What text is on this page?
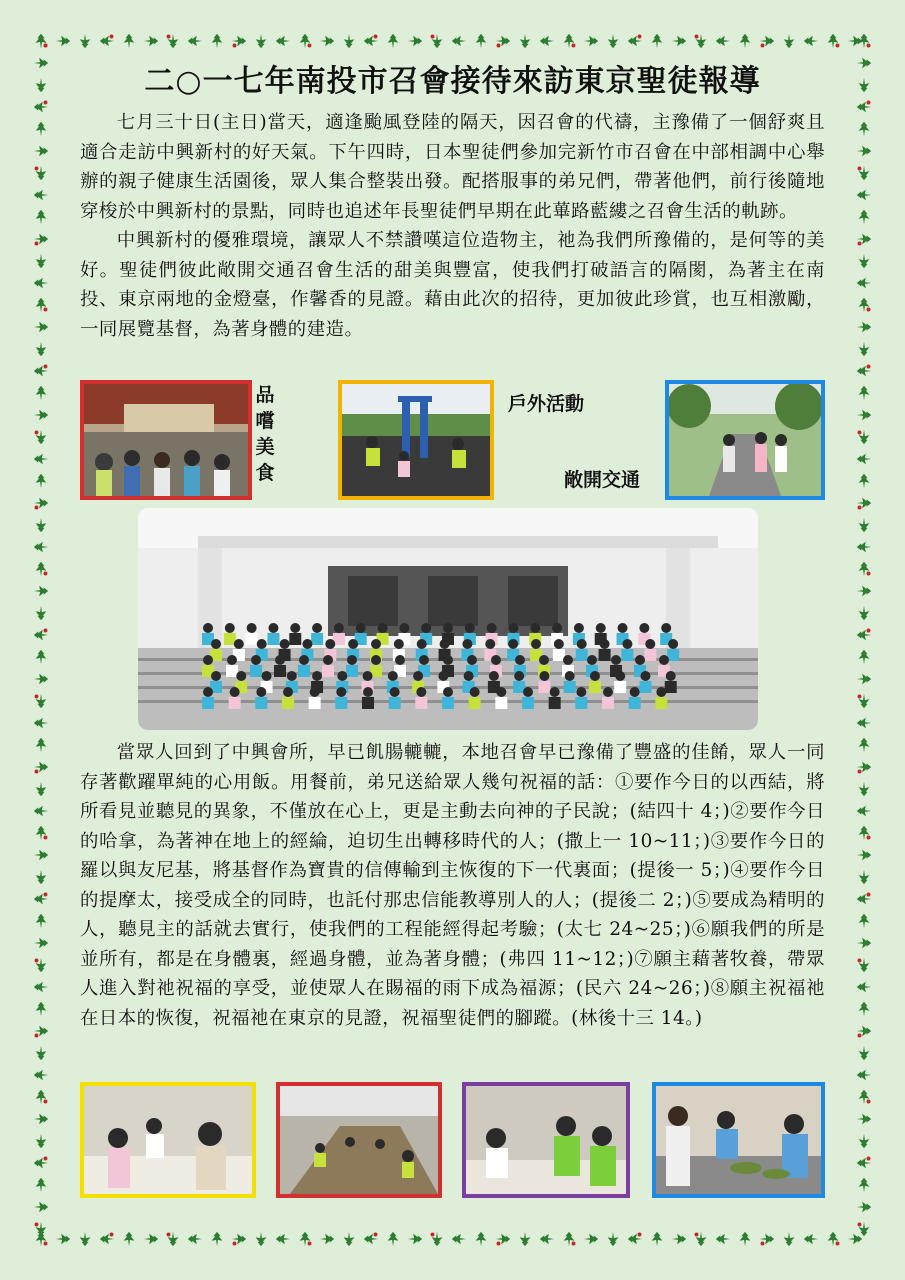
二○一七年南投市召會接待來訪東京聖徒報導

七月三十日(主日)當天，適逢颱風登陸的隔天，因召會的代禱，主豫備了一個舒爽且適合走訪中興新村的好天氣。下午四時，日本聖徒們參加完新竹市召會在中部相調中心舉辦的親子健康生活園後，眾人集合整裝出發。配搭服事的弟兄們，帶著他們，前行後隨地穿梭於中興新村的景點，同時也追述年長聖徒們早期在此蓽路藍縷之召會生活的軌跡。

中興新村的優雅環境，讓眾人不禁讚嘆這位造物主，祂為我們所豫備的，是何等的美好。聖徒們彼此敞開交通召會生活的甜美與豐富，使我們打破語言的隔閡，為著主在南投、東京兩地的金燈臺，作馨香的見證。藉由此次的招待，更加彼此珍賞，也互相激勵，一同展覽基督，為著身體的建造。

品嚐美食
戶外活動
敞開交通

當眾人回到了中興會所，早已飢腸轆轆，本地召會早已豫備了豐盛的佳餚，眾人一同存著歡躍單純的心用飯。用餐前，弟兄送給眾人幾句祝福的話：①要作今日的以西結，將所看見並聽見的異象，不僅放在心上，更是主動去向神的子民說；(結四十 4；)②要作今日的哈拿，為著神在地上的經綸，迫切生出轉移時代的人；(撒上一 10~11；)③要作今日的羅以與友尼基，將基督作為寶貴的信傳輸到主恢復的下一代裏面；(提後一 5；)④要作今日的提摩太，接受成全的同時，也託付那忠信能教導別人的人；(提後二 2；)⑤要成為精明的人，聽見主的話就去實行，使我們的工程能經得起考驗；(太七 24~25；)⑥願我們的所是並所有，都是在身體裏，經過身體，並為著身體；(弗四 11~12；)⑦願主藉著牧養，帶眾人進入對祂祝福的享受，並使眾人在賜福的雨下成為福源；(民六 24~26；)⑧願主祝福祂在日本的恢復，祝福祂在東京的見證，祝福聖徒們的腳蹤。(林後十三 14。)
